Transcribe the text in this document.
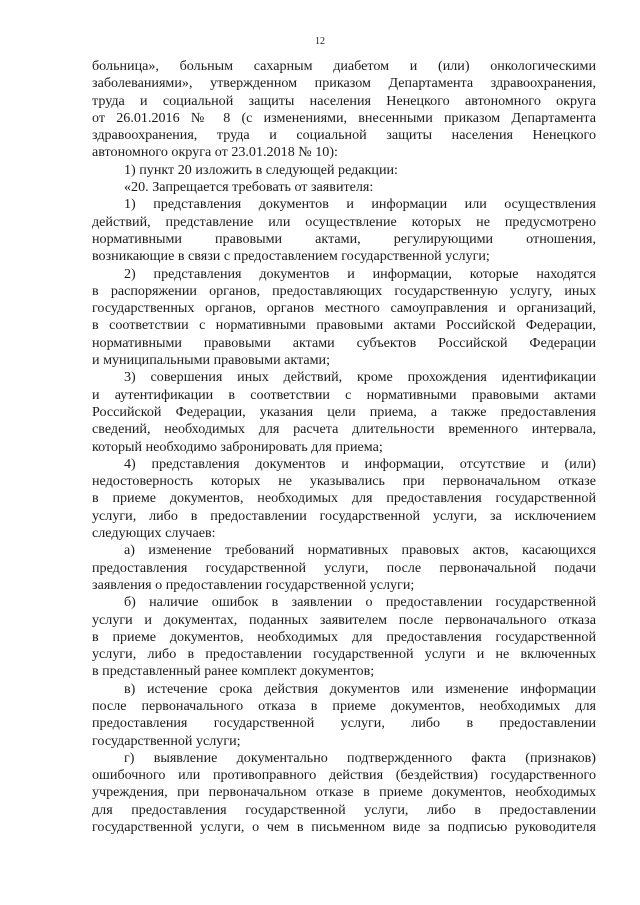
12
больница», больным сахарным диабетом и (или) онкологическими
заболеваниями», утвержденном приказом Департамента здравоохранения,
труда и социальной защиты населения Ненецкого автономного округа
от 26.01.2016 № 8 (с изменениями, внесенными приказом Департамента
здравоохранения, труда и социальной защиты населения Ненецкого
автономного округа от 23.01.2018 № 10):
1) пункт 20 изложить в следующей редакции:
«20. Запрещается требовать от заявителя:
1) представления документов и информации или осуществления
действий, представление или осуществление которых не предусмотрено
нормативными правовыми актами, регулирующими отношения,
возникающие в связи с предоставлением государственной услуги;
2) представления документов и информации, которые находятся
в распоряжении органов, предоставляющих государственную услугу, иных
государственных органов, органов местного самоуправления и организаций,
в соответствии с нормативными правовыми актами Российской Федерации,
нормативными правовыми актами субъектов Российской Федерации
и муниципальными правовыми актами;
3) совершения иных действий, кроме прохождения идентификации
и аутентификации в соответствии с нормативными правовыми актами
Российской Федерации, указания цели приема, а также предоставления
сведений, необходимых для расчета длительности временного интервала,
который необходимо забронировать для приема;
4) представления документов и информации, отсутствие и (или)
недостоверность которых не указывались при первоначальном отказе
в приеме документов, необходимых для предоставления государственной
услуги, либо в предоставлении государственной услуги, за исключением
следующих случаев:
а) изменение требований нормативных правовых актов, касающихся
предоставления государственной услуги, после первоначальной подачи
заявления о предоставлении государственной услуги;
б) наличие ошибок в заявлении о предоставлении государственной
услуги и документах, поданных заявителем после первоначального отказа
в приеме документов, необходимых для предоставления государственной
услуги, либо в предоставлении государственной услуги и не включенных
в представленный ранее комплект документов;
в) истечение срока действия документов или изменение информации
после первоначального отказа в приеме документов, необходимых для
предоставления государственной услуги, либо в предоставлении
государственной услуги;
г) выявление документально подтвержденного факта (признаков)
ошибочного или противоправного действия (бездействия) государственного
учреждения, при первоначальном отказе в приеме документов, необходимых
для предоставления государственной услуги, либо в предоставлении
государственной услуги, о чем в письменном виде за подписью руководителя
